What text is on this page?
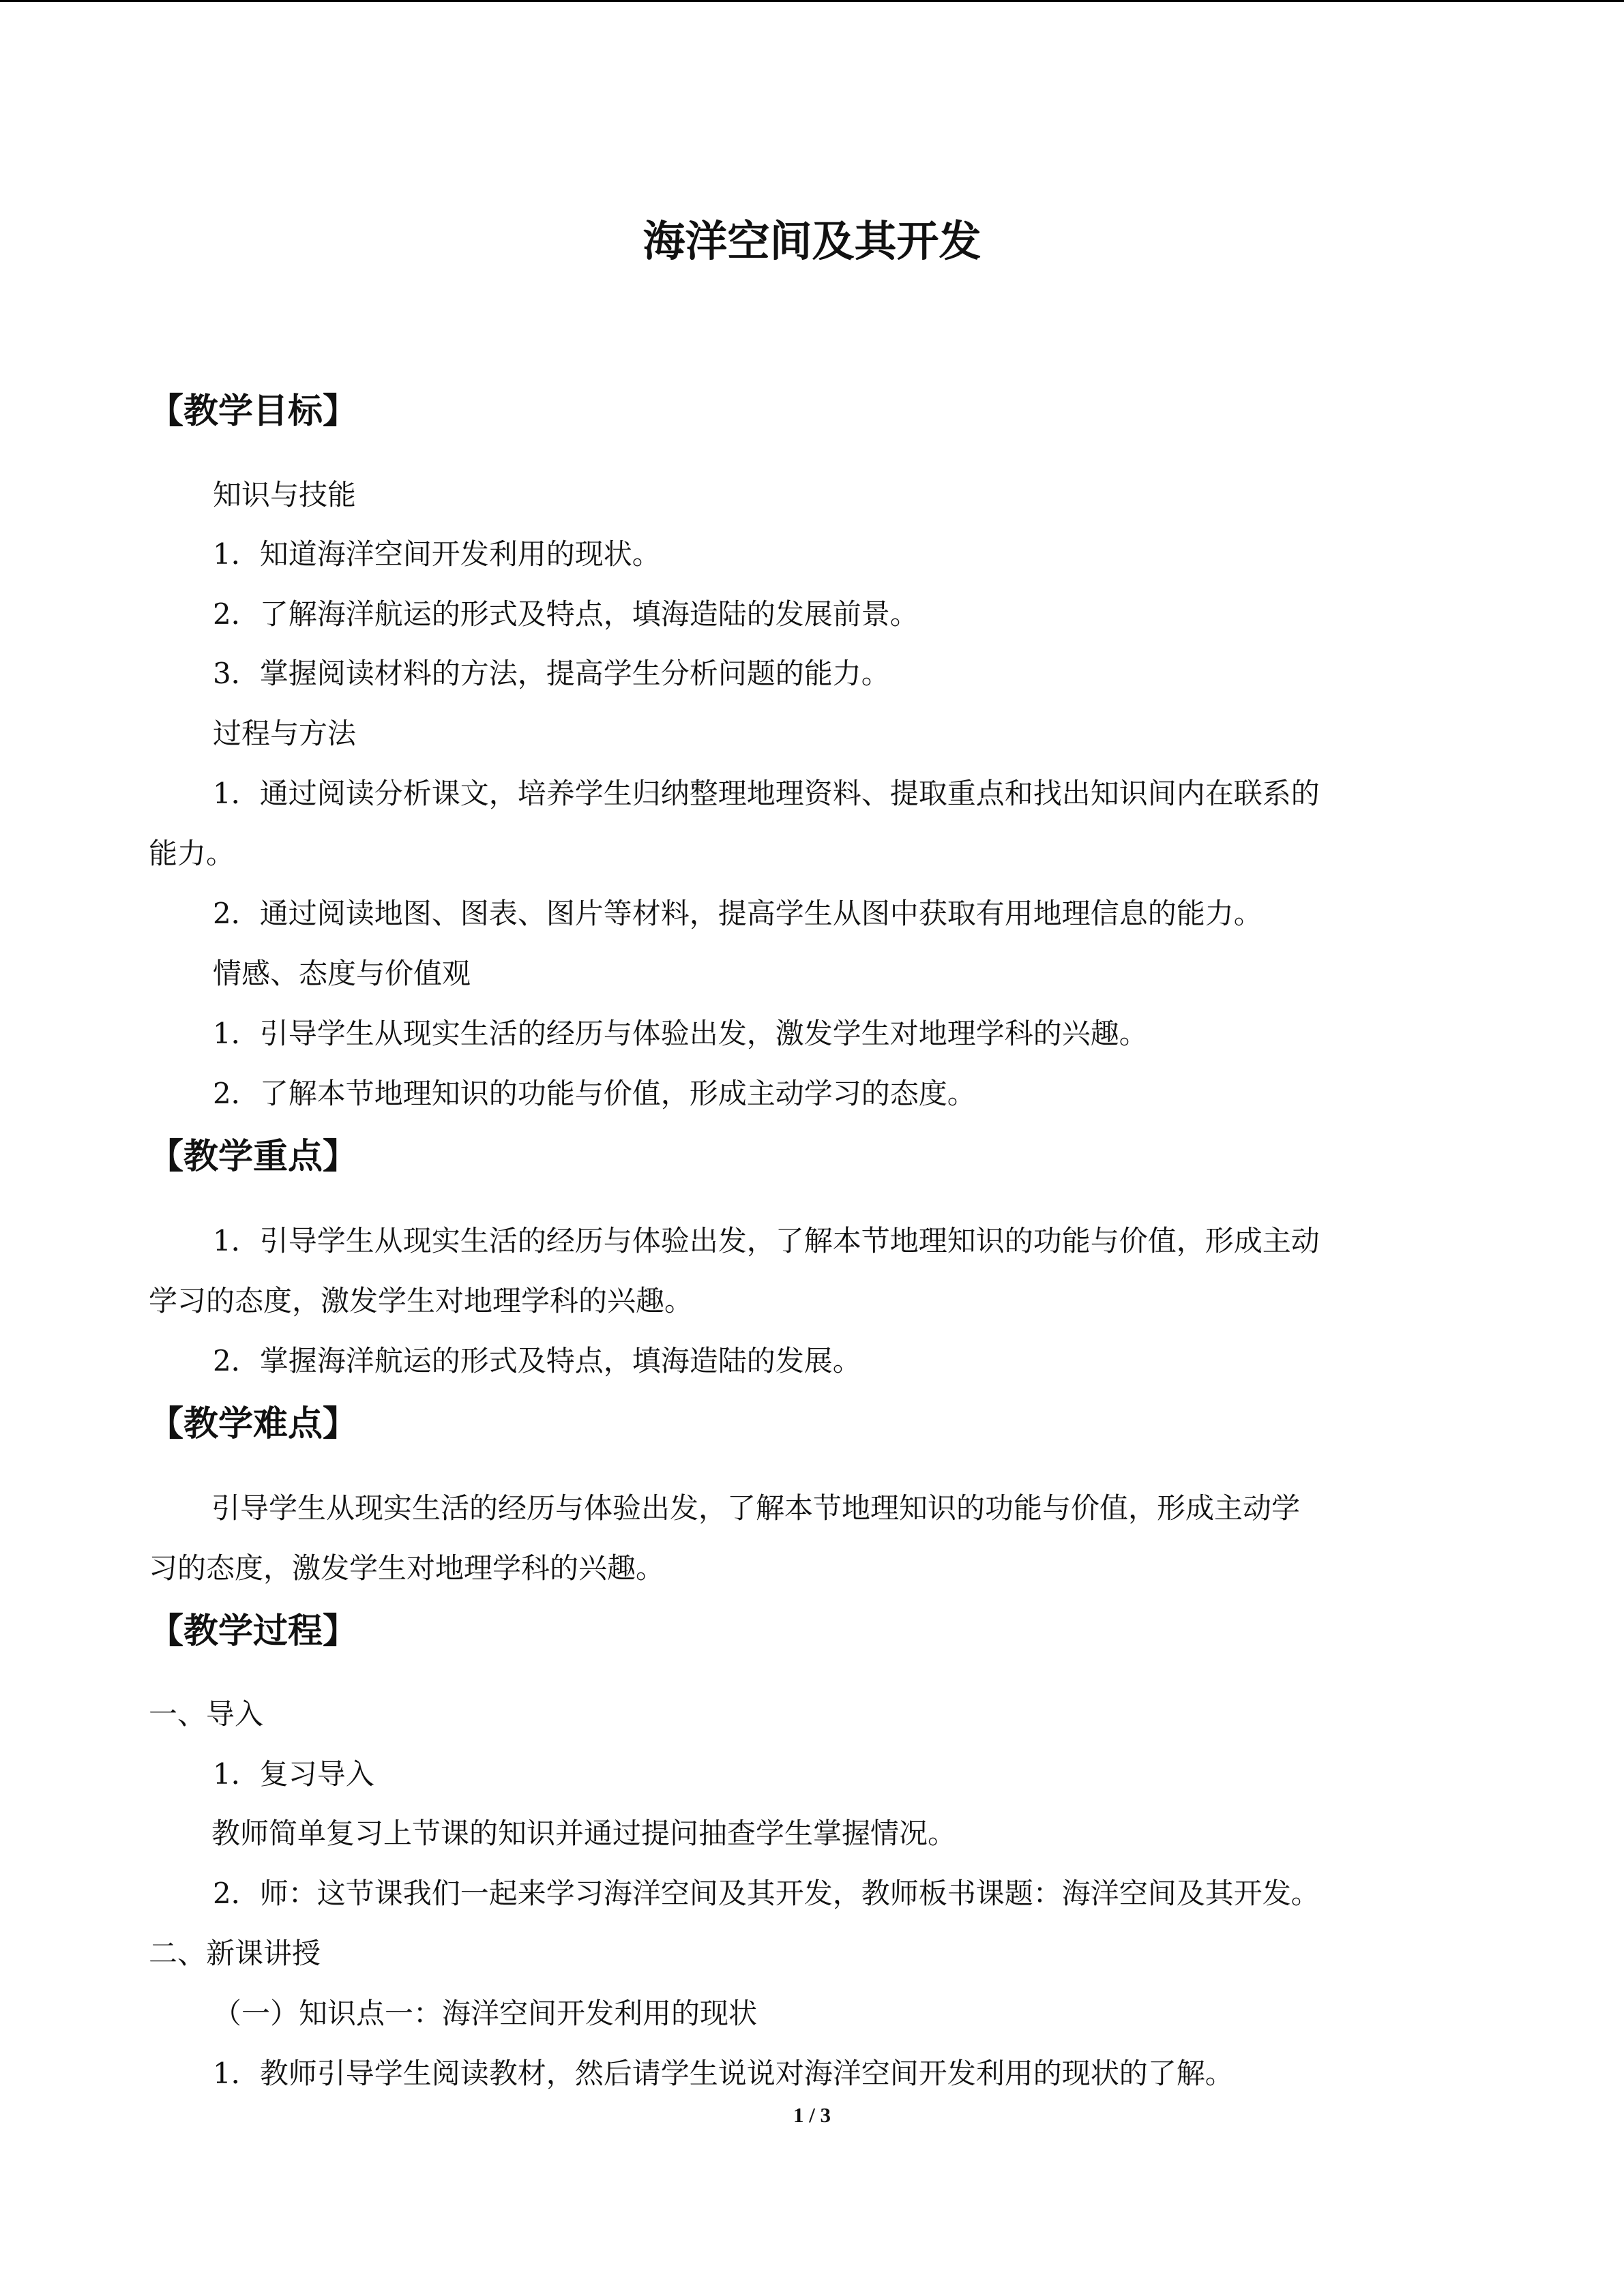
海洋空间及其开发
【教学目标】

知识与技能

1．知道海洋空间开发利用的现状。

2．了解海洋航运的形式及特点，填海造陆的发展前景。

3．掌握阅读材料的方法，提高学生分析问题的能力。

过程与方法

1．通过阅读分析课文，培养学生归纳整理地理资料、提取重点和找出知识间内在联系的

能力。

2．通过阅读地图、图表、图片等材料，提高学生从图中获取有用地理信息的能力。

情感、态度与价值观

1．引导学生从现实生活的经历与体验出发，激发学生对地理学科的兴趣。

2．了解本节地理知识的功能与价值，形成主动学习的态度。

【教学重点】

1．引导学生从现实生活的经历与体验出发，了解本节地理知识的功能与价值，形成主动

学习的态度，激发学生对地理学科的兴趣。

2．掌握海洋航运的形式及特点，填海造陆的发展。

【教学难点】

引导学生从现实生活的经历与体验出发，了解本节地理知识的功能与价值，形成主动学

习的态度，激发学生对地理学科的兴趣。

【教学过程】

一、导入

1．复习导入

教师简单复习上节课的知识并通过提问抽查学生掌握情况。

2．师：这节课我们一起来学习海洋空间及其开发，教师板书课题：海洋空间及其开发。

二、新课讲授

（一）知识点一：海洋空间开发利用的现状

1．教师引导学生阅读教材，然后请学生说说对海洋空间开发利用的现状的了解。

1 / 3
